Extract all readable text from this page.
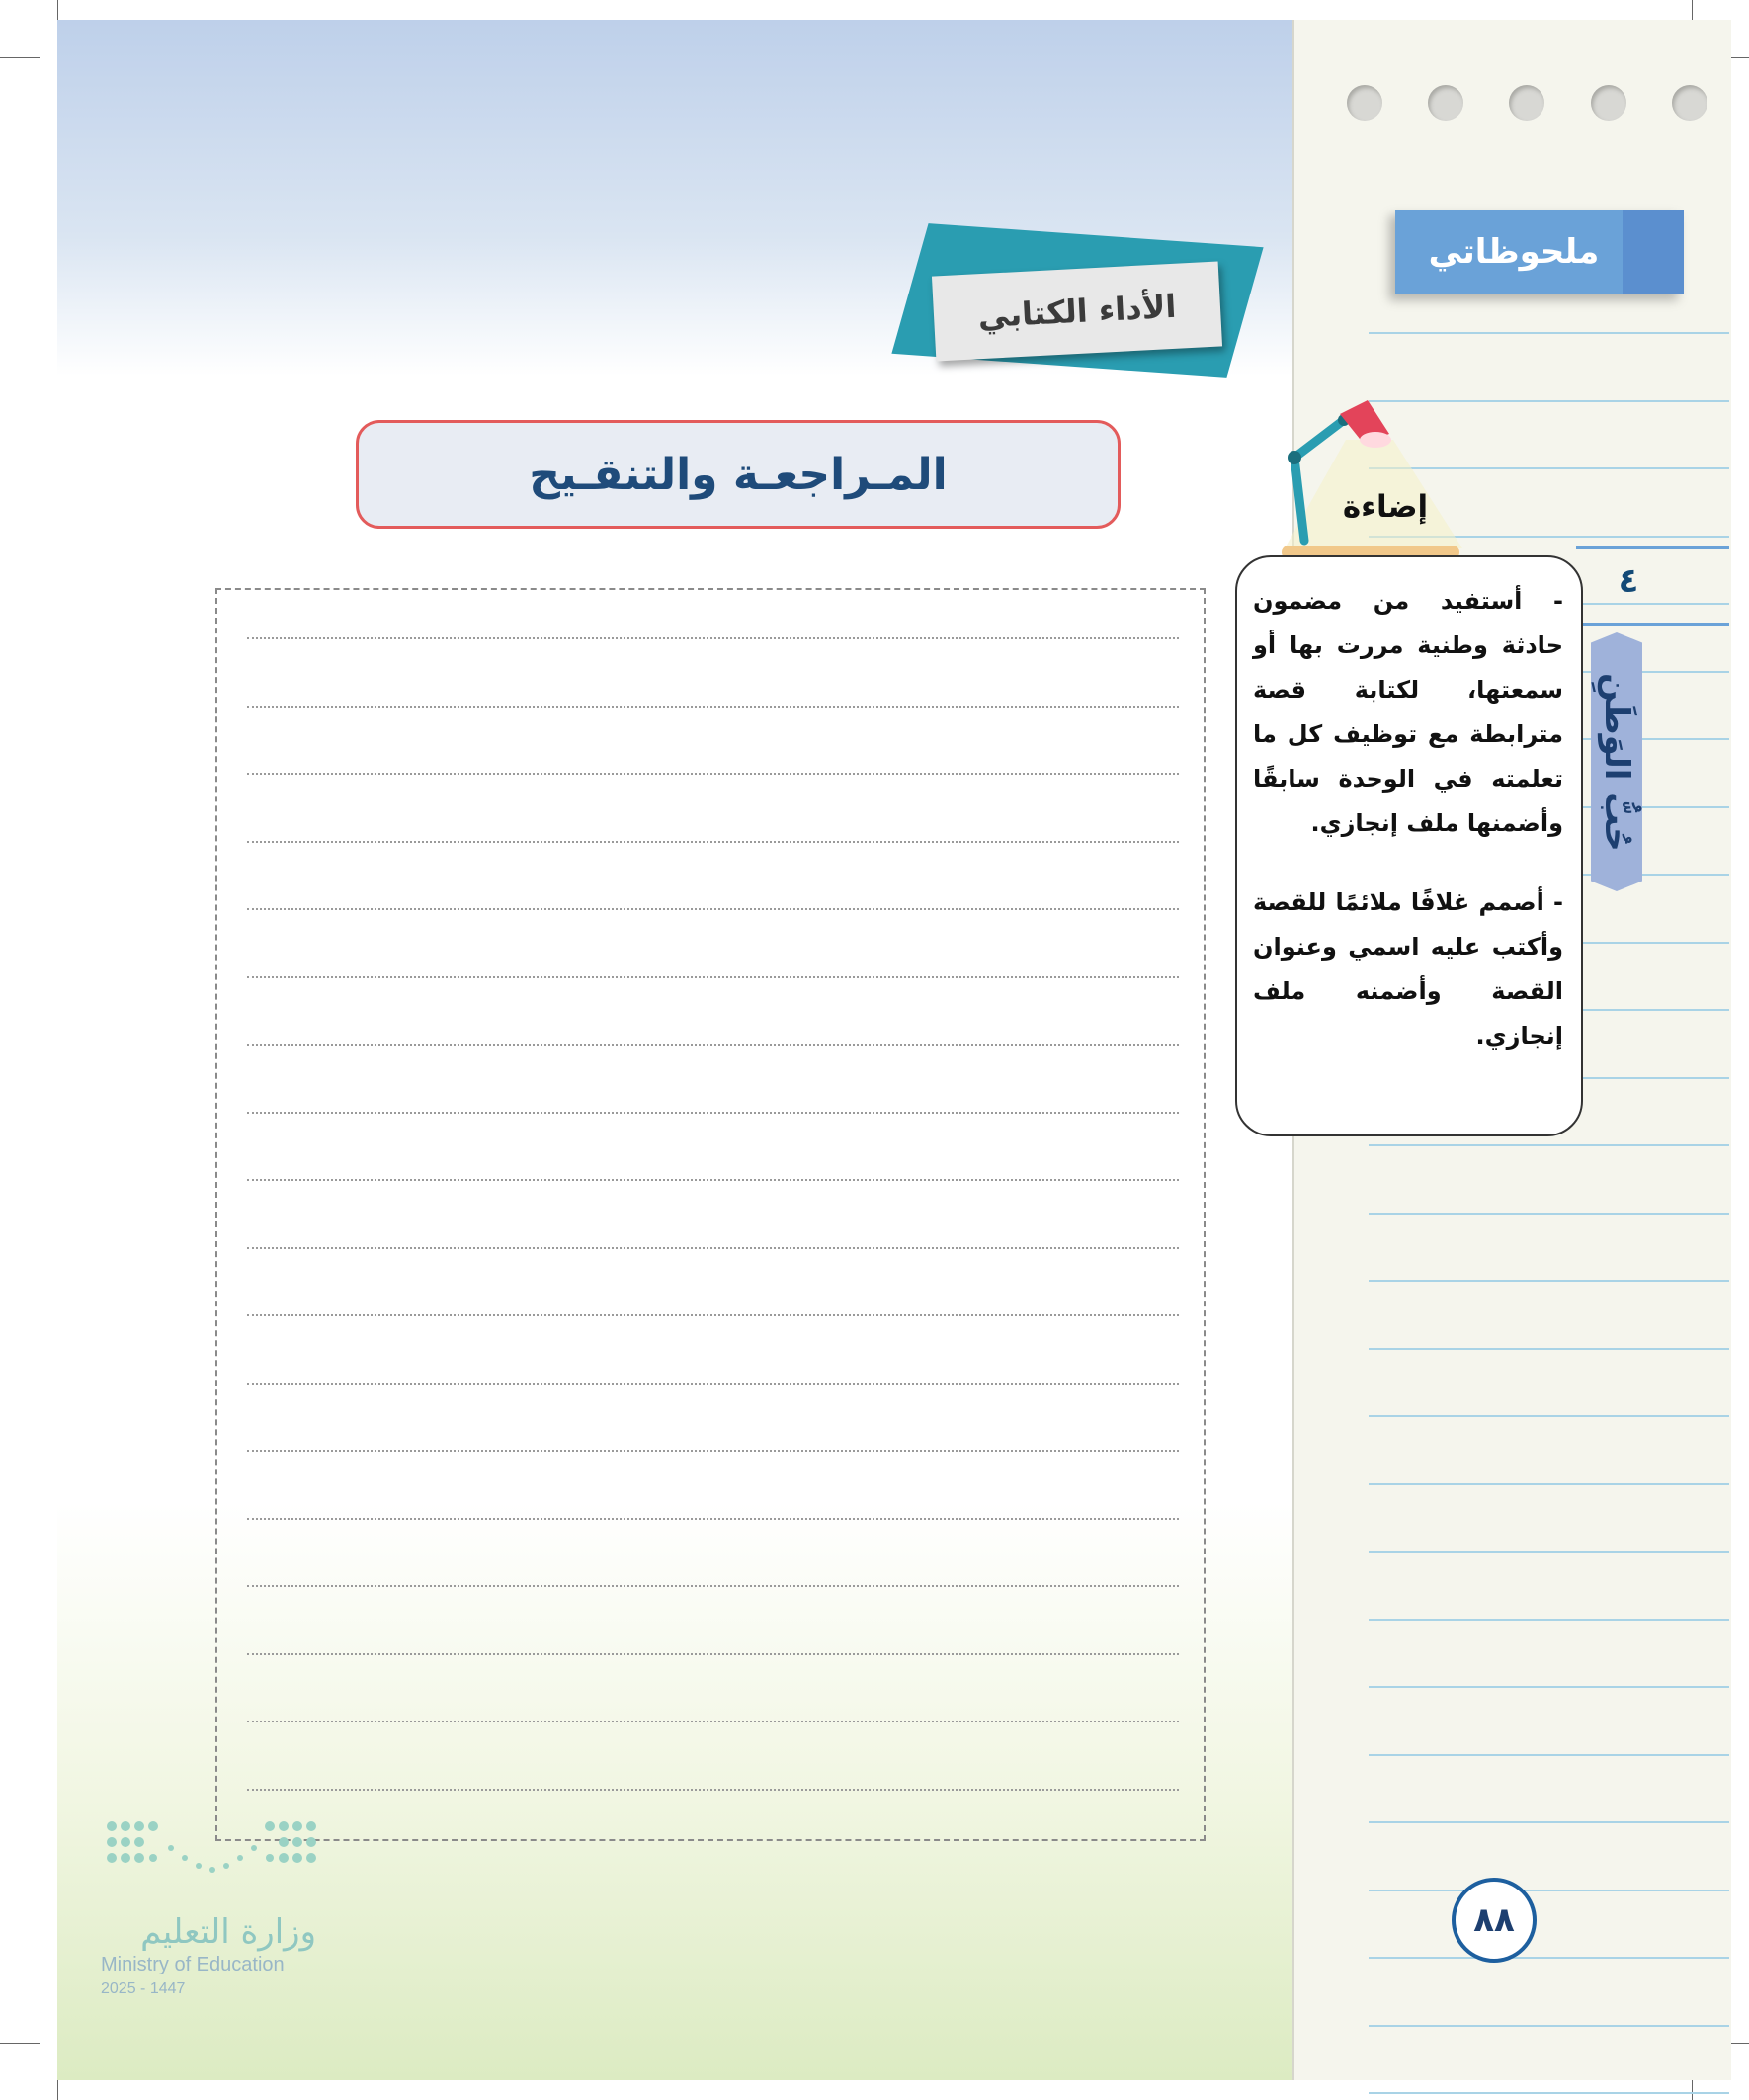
ملحوظاتي
٤
حُبُّ الوَطَنِ
الأداء الكتابي
المـراجعـة والتنقـيح
إضاءة

- أستفيد من مضمون حادثة وطنية مررت بها أو سمعتها، لكتابة قصة مترابطة مع توظيف كل ما تعلمته في الوحدة سابقًا وأضمنها ملف إنجازي.

- أصمم غلافًا ملائمًا للقصة وأكتب عليه اسمي وعنوان القصة وأضمنه ملف إنجازي.

٨٨
وزارة التعليم
Ministry of Education
2025 - 1447
